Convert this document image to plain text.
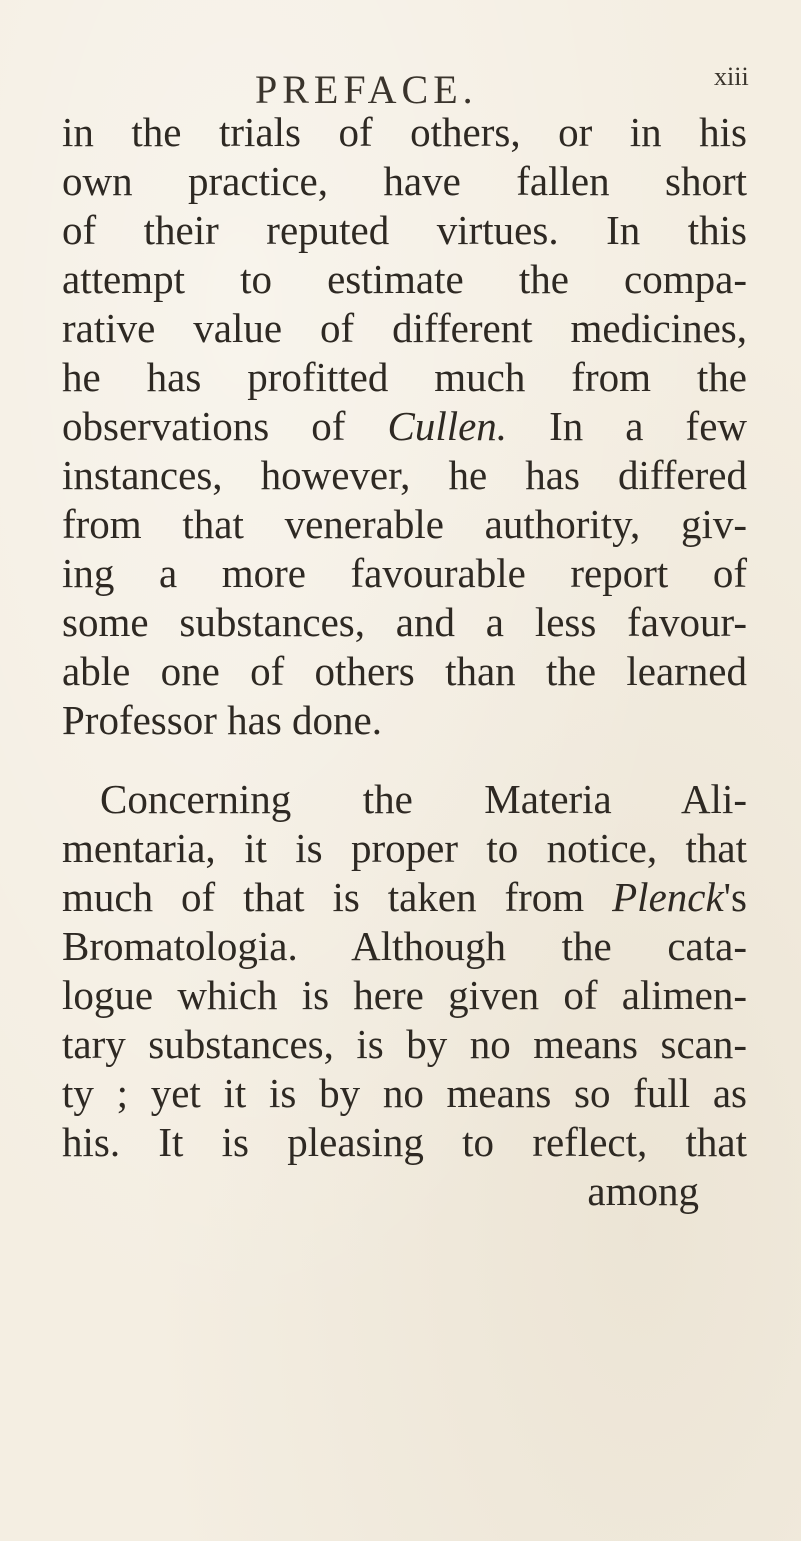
PREFACE.	xiii
in the trials of others, or in his
own practice, have fallen short
of their reputed virtues. In this
attempt to estimate the compa-
rative value of different medicines,
he has profitted much from the
observations of Cullen. In a few
instances, however, he has differed
from that venerable authority, giv-
ing a more favourable report of
some substances, and a less favour-
able one of others than the learned
Professor has done.
Concerning the Materia Ali-
mentaria, it is proper to notice, that
much of that is taken from Plenck's
Bromatologia. Although the cata-
logue which is here given of alimen-
tary substances, is by no means scan-
ty ; yet it is by no means so full as
his. It is pleasing to reflect, that
among
